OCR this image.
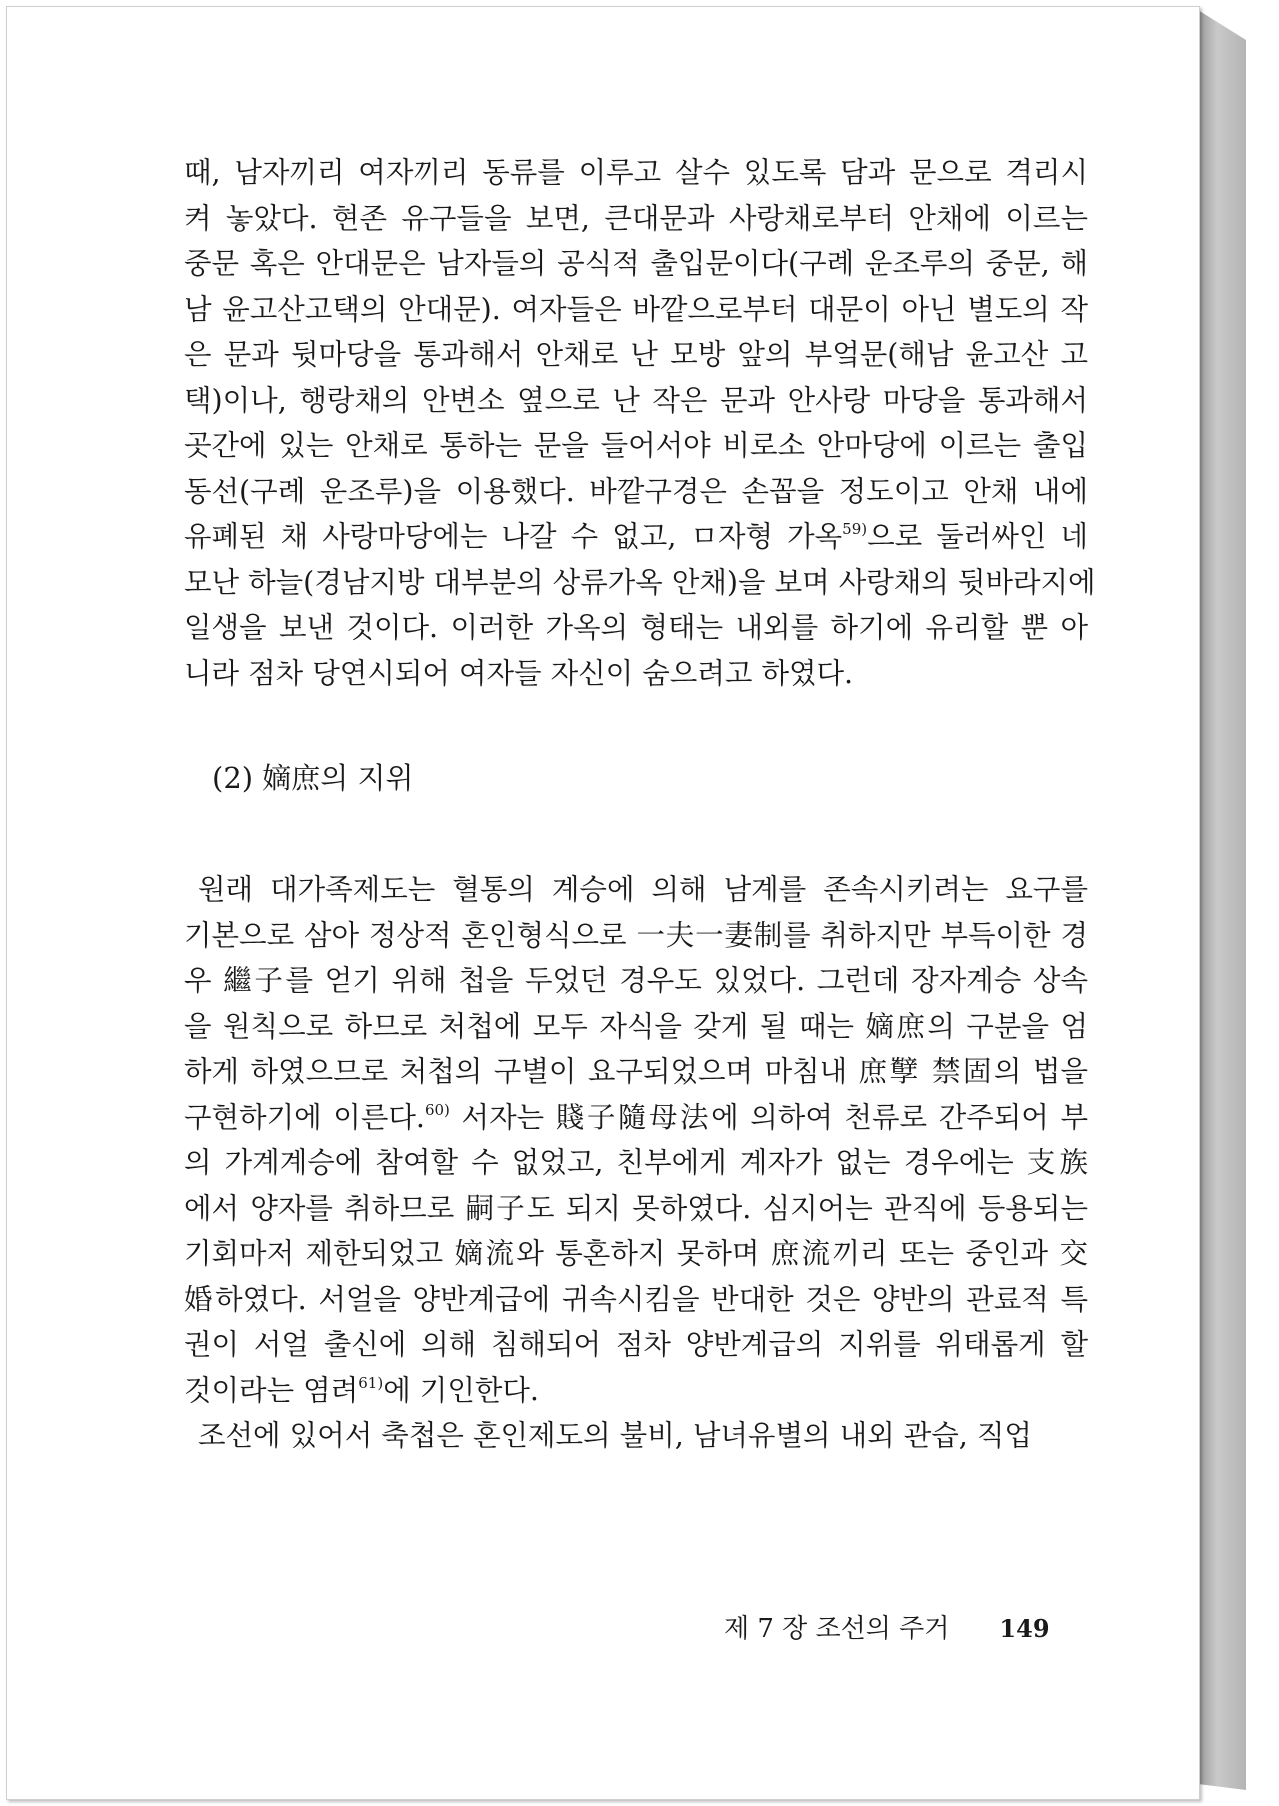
때, 남자끼리 여자끼리 동류를 이루고 살수 있도록 담과 문으로 격리시
켜 놓았다. 현존 유구들을 보면, 큰대문과 사랑채로부터 안채에 이르는
중문 혹은 안대문은 남자들의 공식적 출입문이다(구례 운조루의 중문, 해
남 윤고산고택의 안대문). 여자들은 바깥으로부터 대문이 아닌 별도의 작
은 문과 뒷마당을 통과해서 안채로 난 모방 앞의 부엌문(해남 윤고산 고
택)이나, 행랑채의 안변소 옆으로 난 작은 문과 안사랑 마당을 통과해서
곳간에 있는 안채로 통하는 문을 들어서야 비로소 안마당에 이르는 출입
동선(구례 운조루)을 이용했다. 바깥구경은 손꼽을 정도이고 안채 내에
유폐된 채 사랑마당에는 나갈 수 없고, ㅁ자형 가옥$^{59)}$으로 둘러싸인 네
모난 하늘(경남지방 대부분의 상류가옥 안채)을 보며 사랑채의 뒷바라지에
일생을 보낸 것이다. 이러한 가옥의 형태는 내외를 하기에 유리할 뿐 아
니라 점차 당연시되어 여자들 자신이 숨으려고 하였다.
(2) 嫡庶의 지위
원래 대가족제도는 혈통의 계승에 의해 남계를 존속시키려는 요구를
기본으로 삼아 정상적 혼인형식으로 一夫一妻制를 취하지만 부득이한 경
우 繼子를 얻기 위해 첩을 두었던 경우도 있었다. 그런데 장자계승 상속
을 원칙으로 하므로 처첩에 모두 자식을 갖게 될 때는 嫡庶의 구분을 엄
하게 하였으므로 처첩의 구별이 요구되었으며 마침내 庶孼 禁固의 법을
구현하기에 이른다.$^{60)}$ 서자는 賤子隨母法에 의하여 천류로 간주되어 부
의 가계계승에 참여할 수 없었고, 친부에게 계자가 없는 경우에는 支族
에서 양자를 취하므로 嗣子도 되지 못하였다. 심지어는 관직에 등용되는
기회마저 제한되었고 嫡流와 통혼하지 못하며 庶流끼리 또는 중인과 交
婚하였다. 서얼을 양반계급에 귀속시킴을 반대한 것은 양반의 관료적 특
권이 서얼 출신에 의해 침해되어 점차 양반계급의 지위를 위태롭게 할
것이라는 염려$^{61)}$에 기인한다.
조선에 있어서 축첩은 혼인제도의 불비, 남녀유별의 내외 관습, 직업
제 7 장 조선의 주거 149
